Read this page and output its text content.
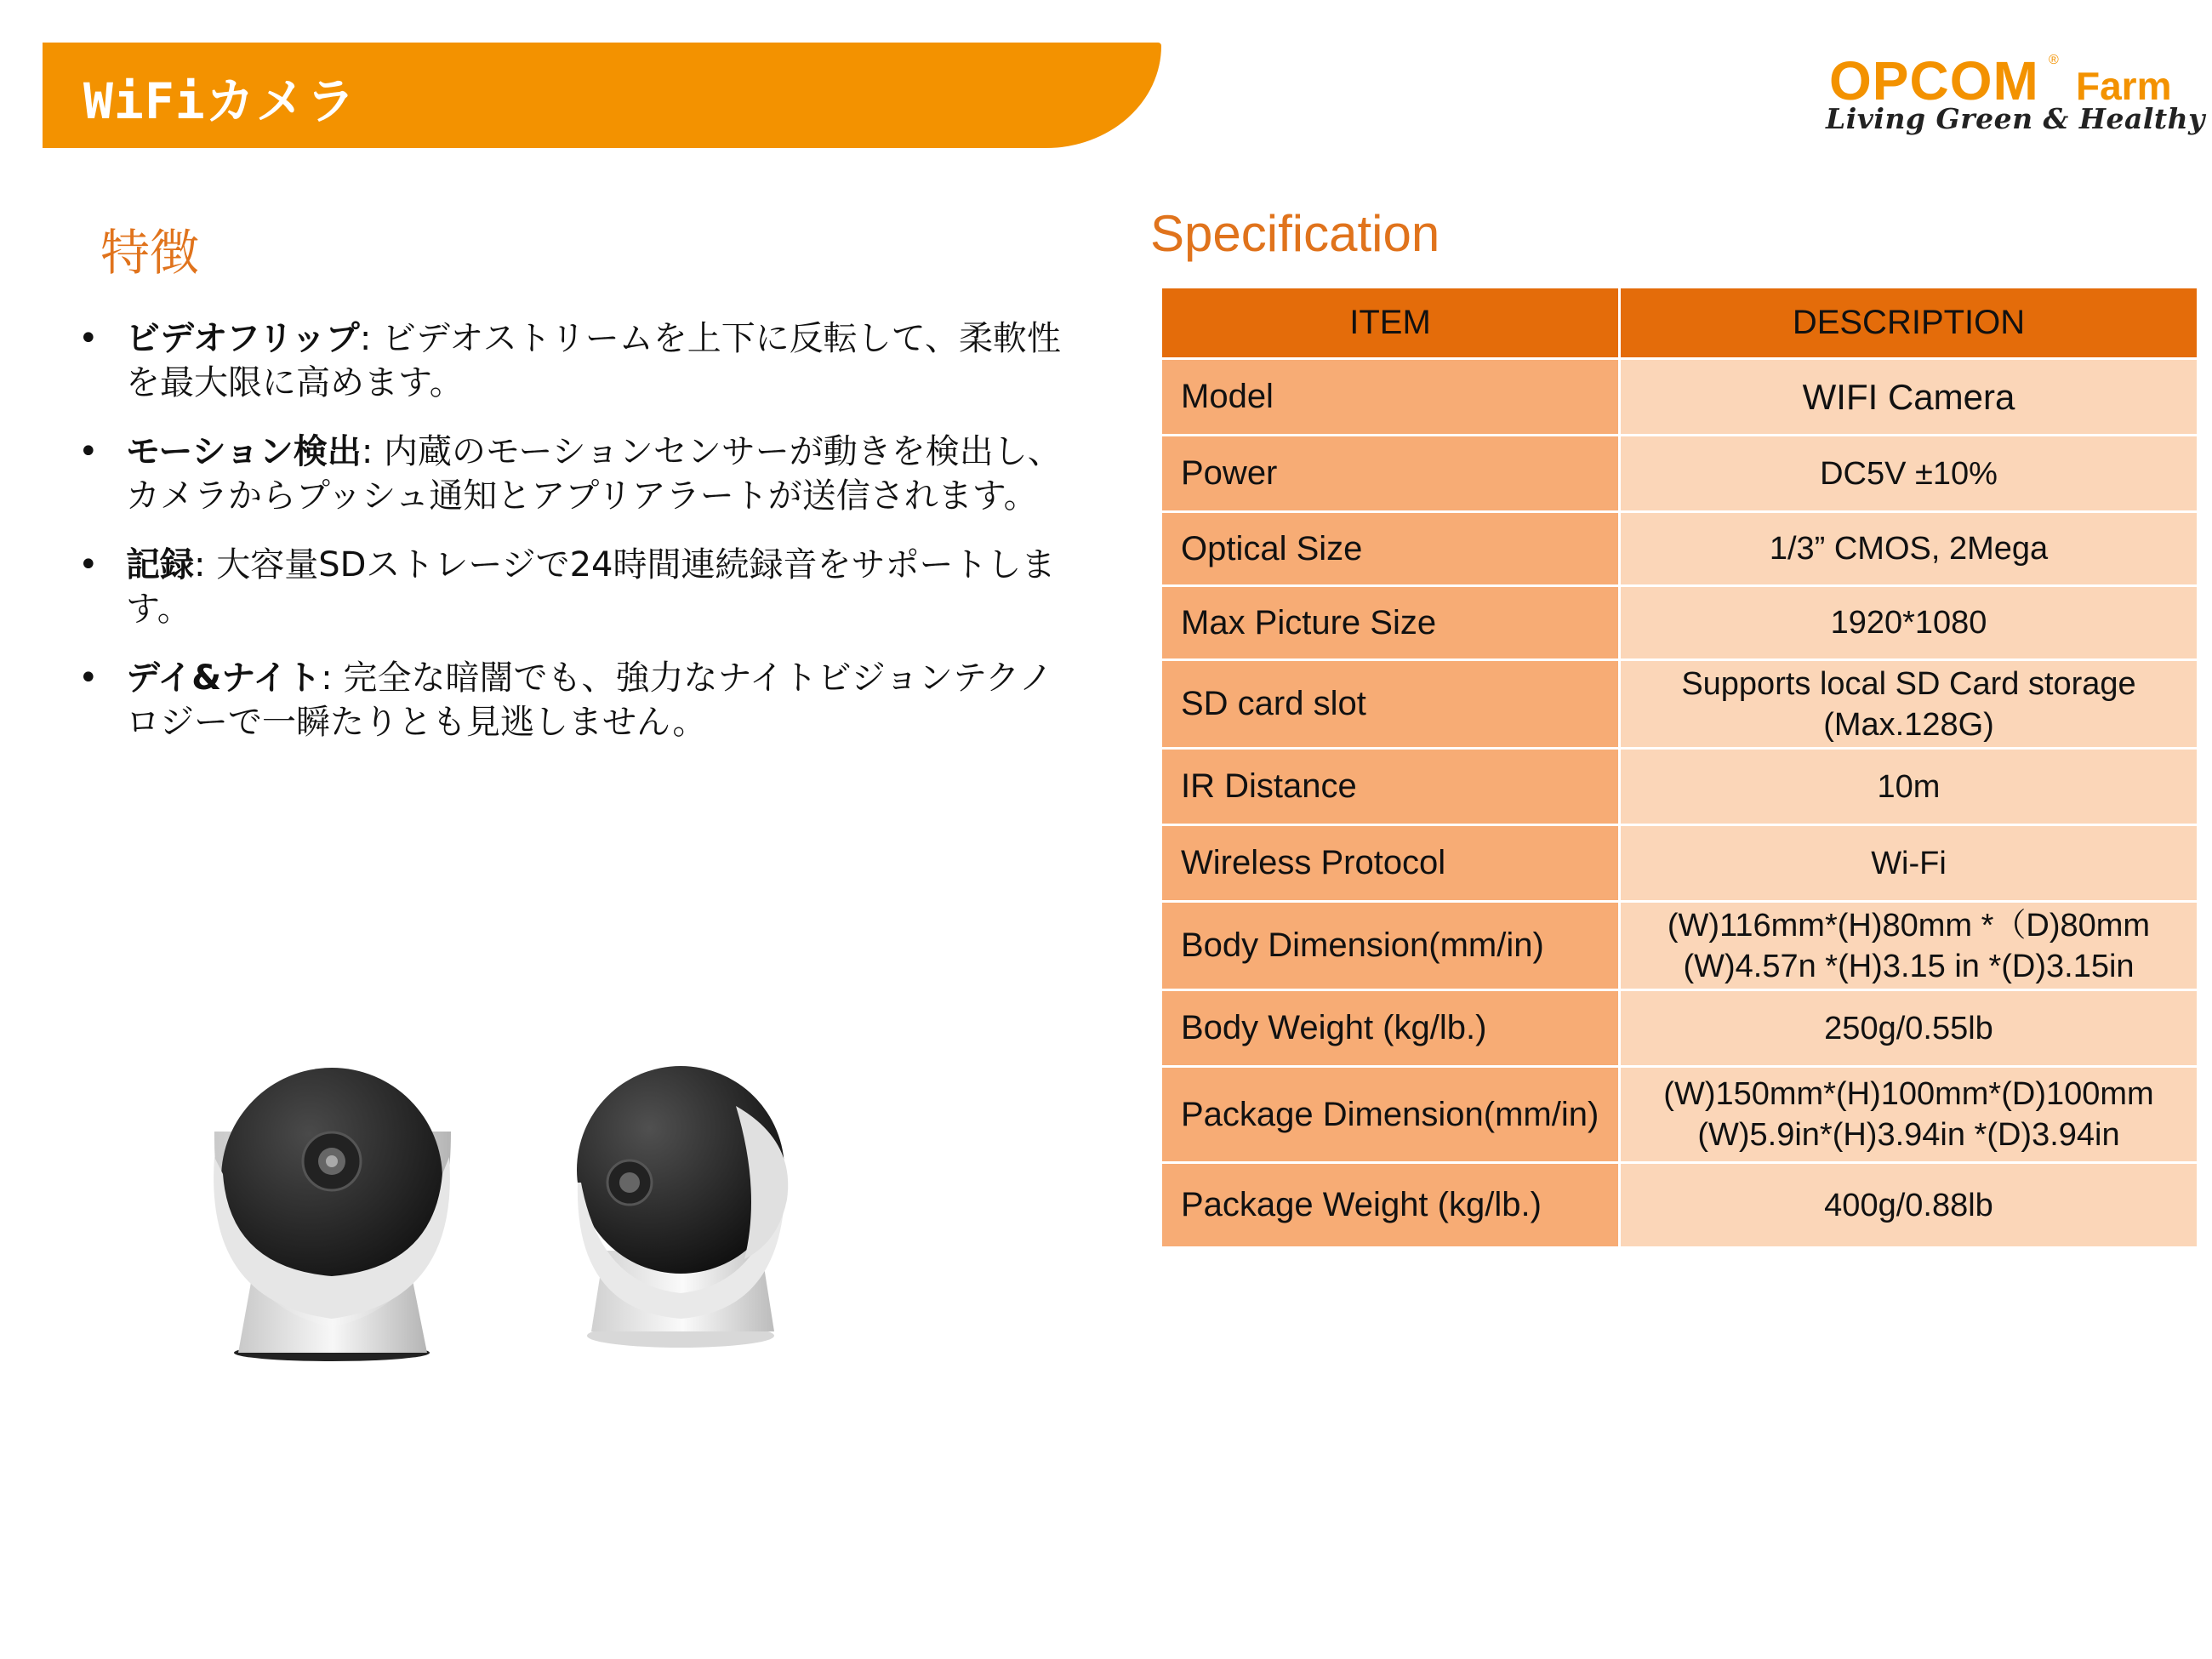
WiFiカメラ	OPCOM ®
Farm
Living Green & Healthy
特徴
• ビデオフリップ: ビデオストリームを上下に反転して、柔軟性を最大限に高めます。
• モーション検出: 内蔵のモーションセンサーが動きを検出し、カメラからプッシュ通知とアプリアラートが送信されます。
• 記録: 大容量SDストレージで24時間連続録音をサポートします。
• デイ&ナイト: 完全な暗闇でも、強力なナイトビジョンテクノロジーで一瞬たりとも見逃しません。
Specification
ITEM	DESCRIPTION
Model	WIFI Camera
Power	DC5V ±10%
Optical Size	1/3” CMOS, 2Mega
Max Picture Size	1920*1080
SD card slot	Supports local SD Card storage
(Max.128G)
IR Distance	10m
Wireless Protocol	Wi-Fi
Body Dimension(mm/in)	(W)116mm*(H)80mm *（D)80mm
(W)4.57n *(H)3.15 in *(D)3.15in
Body Weight (kg/lb.)	250g/0.55lb
Package Dimension(mm/in)	(W)150mm*(H)100mm*(D)100mm
(W)5.9in*(H)3.94in *(D)3.94in
Package Weight (kg/lb.)	400g/0.88lb
